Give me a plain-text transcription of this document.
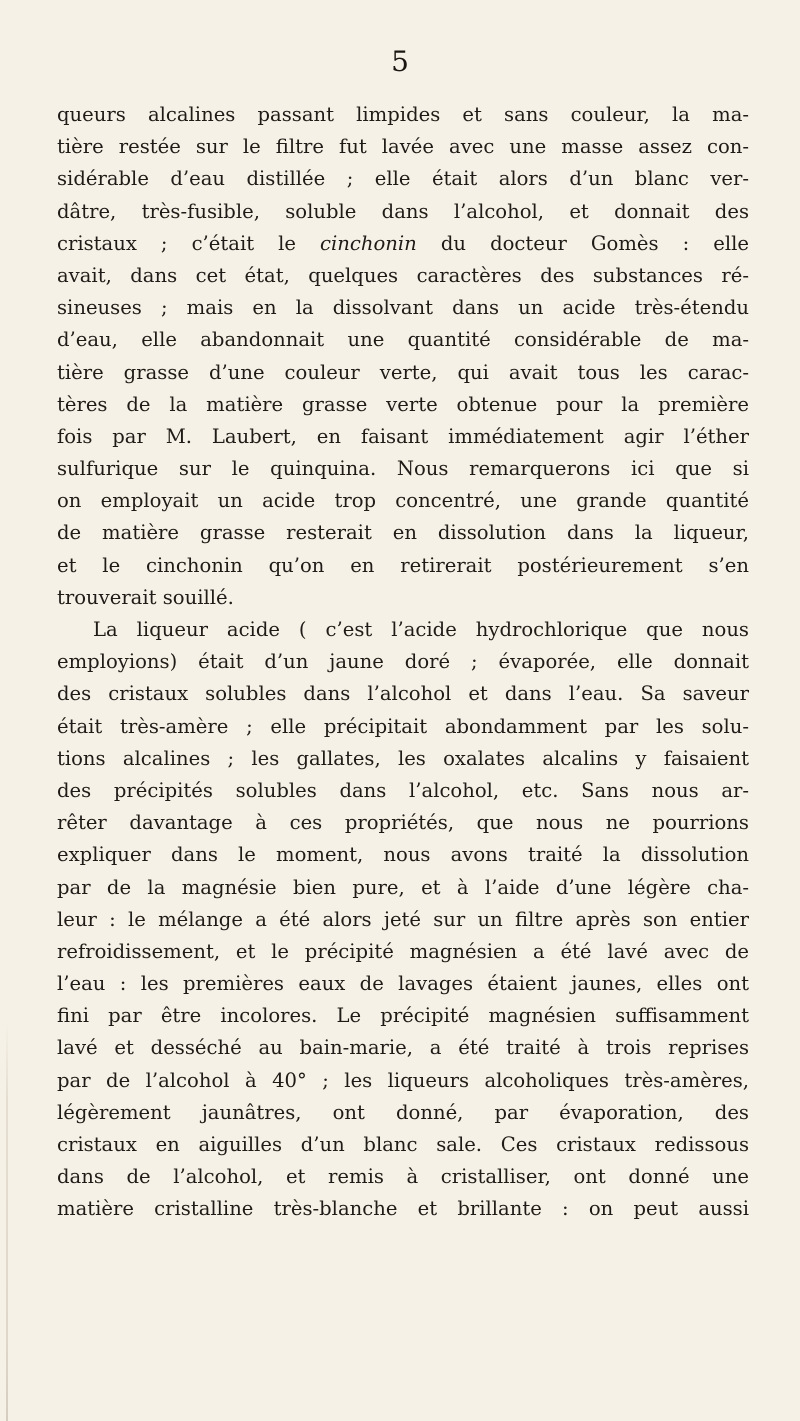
5
queurs alcalines passant limpides et sans couleur, la ma-
tière restée sur le filtre fut lavée avec une masse assez con-
sidérable d’eau distillée ; elle était alors d’un blanc ver-
dâtre, très-fusible, soluble dans l’alcohol, et donnait des
cristaux ; c’était le cinchonin du docteur Gomès : elle
avait, dans cet état, quelques caractères des substances ré-
sineuses ; mais en la dissolvant dans un acide très-étendu
d’eau, elle abandonnait une quantité considérable de ma-
tière grasse d’une couleur verte, qui avait tous les carac-
tères de la matière grasse verte obtenue pour la première
fois par M. Laubert, en faisant immédiatement agir l’éther
sulfurique sur le quinquina. Nous remarquerons ici que si
on employait un acide trop concentré, une grande quantité
de matière grasse resterait en dissolution dans la liqueur,
et le cinchonin qu’on en retirerait postérieurement s’en
trouverait souillé.
La liqueur acide ( c’est l’acide hydrochlorique que nous
employions) était d’un jaune doré ; évaporée, elle donnait
des cristaux solubles dans l’alcohol et dans l’eau. Sa saveur
était très-amère ; elle précipitait abondamment par les solu-
tions alcalines ; les gallates, les oxalates alcalins y faisaient
des précipités solubles dans l’alcohol, etc. Sans nous ar-
rêter davantage à ces propriétés, que nous ne pourrions
expliquer dans le moment, nous avons traité la dissolution
par de la magnésie bien pure, et à l’aide d’une légère cha-
leur : le mélange a été alors jeté sur un filtre après son entier
refroidissement, et le précipité magnésien a été lavé avec de
l’eau : les premières eaux de lavages étaient jaunes, elles ont
fini par être incolores. Le précipité magnésien suffisamment
lavé et desséché au bain-marie, a été traité à trois reprises
par de l’alcohol à 40° ; les liqueurs alcoholiques très-amères,
légèrement jaunâtres, ont donné, par évaporation, des
cristaux en aiguilles d’un blanc sale. Ces cristaux redissous
dans de l’alcohol, et remis à cristalliser, ont donné une
matière cristalline très-blanche et brillante : on peut aussi
